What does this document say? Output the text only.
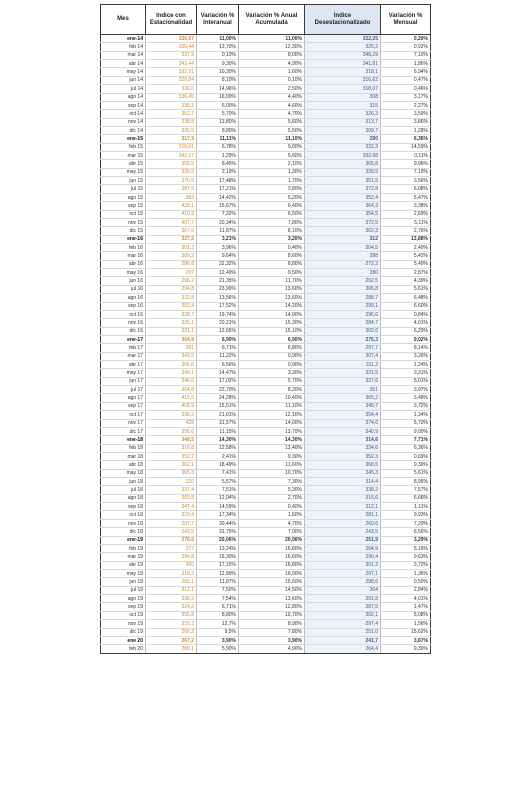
Mes	Indice con Estacionalidad	Variación % Interanual	Variación % Anual Acumulada	Indice Desestacionalizado	Variación % Mensual
ene-14	336,57	11,00%	11,00%	322,25	0,20%
feb 14	336,44	13,70%	12,30%	325,2	0,92%
mar 14	337,9	0,10%	8,00%	348,29	7,10%
abr 14	342,44	9,30%	4,90%	341,81	1,86%
may 14	332,21	10,30%	1,60%	318,1	6,94%
jun 14	320,84	8,10%	0,10%	316,62	0,47%
jul 14	330,6	14,96%	2,50%	318,07	0,46%
ago 14	336,45	16,00%	4,40%	308	3,17%
sep 14	336,1	6,00%	4,60%	315	2,27%
oct 14	352,7	5,70%	4,70%	326,3	3,59%
nov 14	338,8	13,80%	5,60%	313,7	3,86%
dic 14	326,5	8,80%	5,50%	309,7	1,28%
ene-15	317,9	11,11%	11,10%	290	6,36%
feb 15	316,61	6,78%	9,00%	332,3	14,59%
mar 15	342,17	1,29%	5,60%	332,68	0,11%
abr 15	356,5	8,45%	2,10%	365,8	9,96%
may 15	339,5	2,19%	1,30%	339,5	7,19%
jun 15	376,5	17,48%	1,70%	351,5	3,56%
jul 15	387,5	17,21%	3,80%	372,8	6,08%
ago 15	383	14,42%	5,20%	352,4	5,47%
sep 15	428,1	15,67%	6,40%	364,3	3,38%
oct 15	410,3	7,32%	6,50%	354,5	2,69%
nov 15	407,7	20,34%	7,80%	372,5	5,11%
dic 15	367,6	11,87%	8,10%	362,3	2,76%
ene-16	327,5	3,21%	3,20%	312	13,88%
feb 16	301,3	3,96%	0,40%	304,5	2,40%
mar 16	309,2	9,64%	8,60%	288	5,42%
abr 16	286,8	22,32%	8,80%	272,2	5,49%
may 16	297	12,49%	9,50%	280	2,87%
jun 16	296,2	21,35%	11,70%	292,5	4,39%
jul 16	294,8	23,90%	13,60%	306,8	5,61%
ago 16	332,8	13,56%	13,60%	288,7	6,48%
sep 16	353,4	17,52%	14,20%	299,1	6,60%
oct 16	328,7	19,74%	14,90%	296,6	0,84%
nov 16	325,1	20,21%	15,30%	284,7	4,01%
dic 16	321,1	12,65%	15,10%	302,6	6,29%
ene-17	304,9	6,90%	6,90%	275,3	9,02%
feb 17	281	6,71%	6,80%	297,7	8,14%
mar 17	343,5	11,22%	0,90%	307,4	3,26%
abr 17	305,6	6,56%	0,90%	311,2	1,24%
may 17	340,1	14,47%	3,30%	321,5	3,31%
jun 17	346,6	17,02%	5,70%	337,6	5,01%
jul 17	364,8	23,70%	8,20%	351	3,97%
ago 17	415,6	24,28%	10,40%	365,2	3,48%
sep 17	408,9	15,51%	11,10%	349,7	3,72%
oct 17	398,2	21,01%	12,10%	354,4	1,34%
nov 17	428	31,57%	14,00%	374,6	5,70%
dic 17	356,6	11,15%	13,70%	340,9	9,00%
ene-18	348,5	14,30%	14,30%	314,6	7,71%
feb 18	316,8	12,58%	13,40%	334,6	6,36%
mar 18	352,2	2,41%	9,30%	352,3	0,69%
abr 18	362,1	18,49%	11,60%	368,5	9,39%
may 18	365,3	7,41%	10,70%	345,3	5,61%
jun 18	320	5,57%	7,30%	314,4	8,95%
jul 18	337,4	7,51%	5,30%	338,2	7,57%
ago 18	363,8	12,04%	2,70%	315,6	6,68%
sep 18	347,4	14,59%	0,40%	312,1	1,11%
oct 18	329,4	17,34%	1,60%	281,1	9,93%
nov 18	297,7	30,44%	4,70%	260,6	7,29%
dic 18	243,5	31,75%	7,00%	243,5	6,56%
ene-19	278,6	20,06%	20,06%	251,9	3,29%
feb 19	277	13,24%	16,80%	264,9	5,16%
mar 19	294,8	16,30%	16,60%	290,4	9,63%
abr 19	300	17,15%	16,80%	301,2	3,72%
may 19	318,2	12,89%	16,00%	297,1	1,36%
jun 19	282,1	11,87%	15,60%	298,6	0,50%
jul 19	312,1	7,50%	14,50%	304	2,84%
ago 19	338,2	7,54%	13,60%	291,8	4,01%
sep 19	324,2	6,71%	12,80%	287,5	1,47%
oct 19	355,8	8,80%	10,70%	302,1	5,08%
nov 19	333,3	12,7%	8,90%	297,4	1,56%
dic 19	266,2	9,5%	7,80%	251,0	15,62%
ene 20	267,2	3,90%	3,90%	241,7	3,67%
feb 20	288,1	5,90%	4,90%	264,4	9,39%
